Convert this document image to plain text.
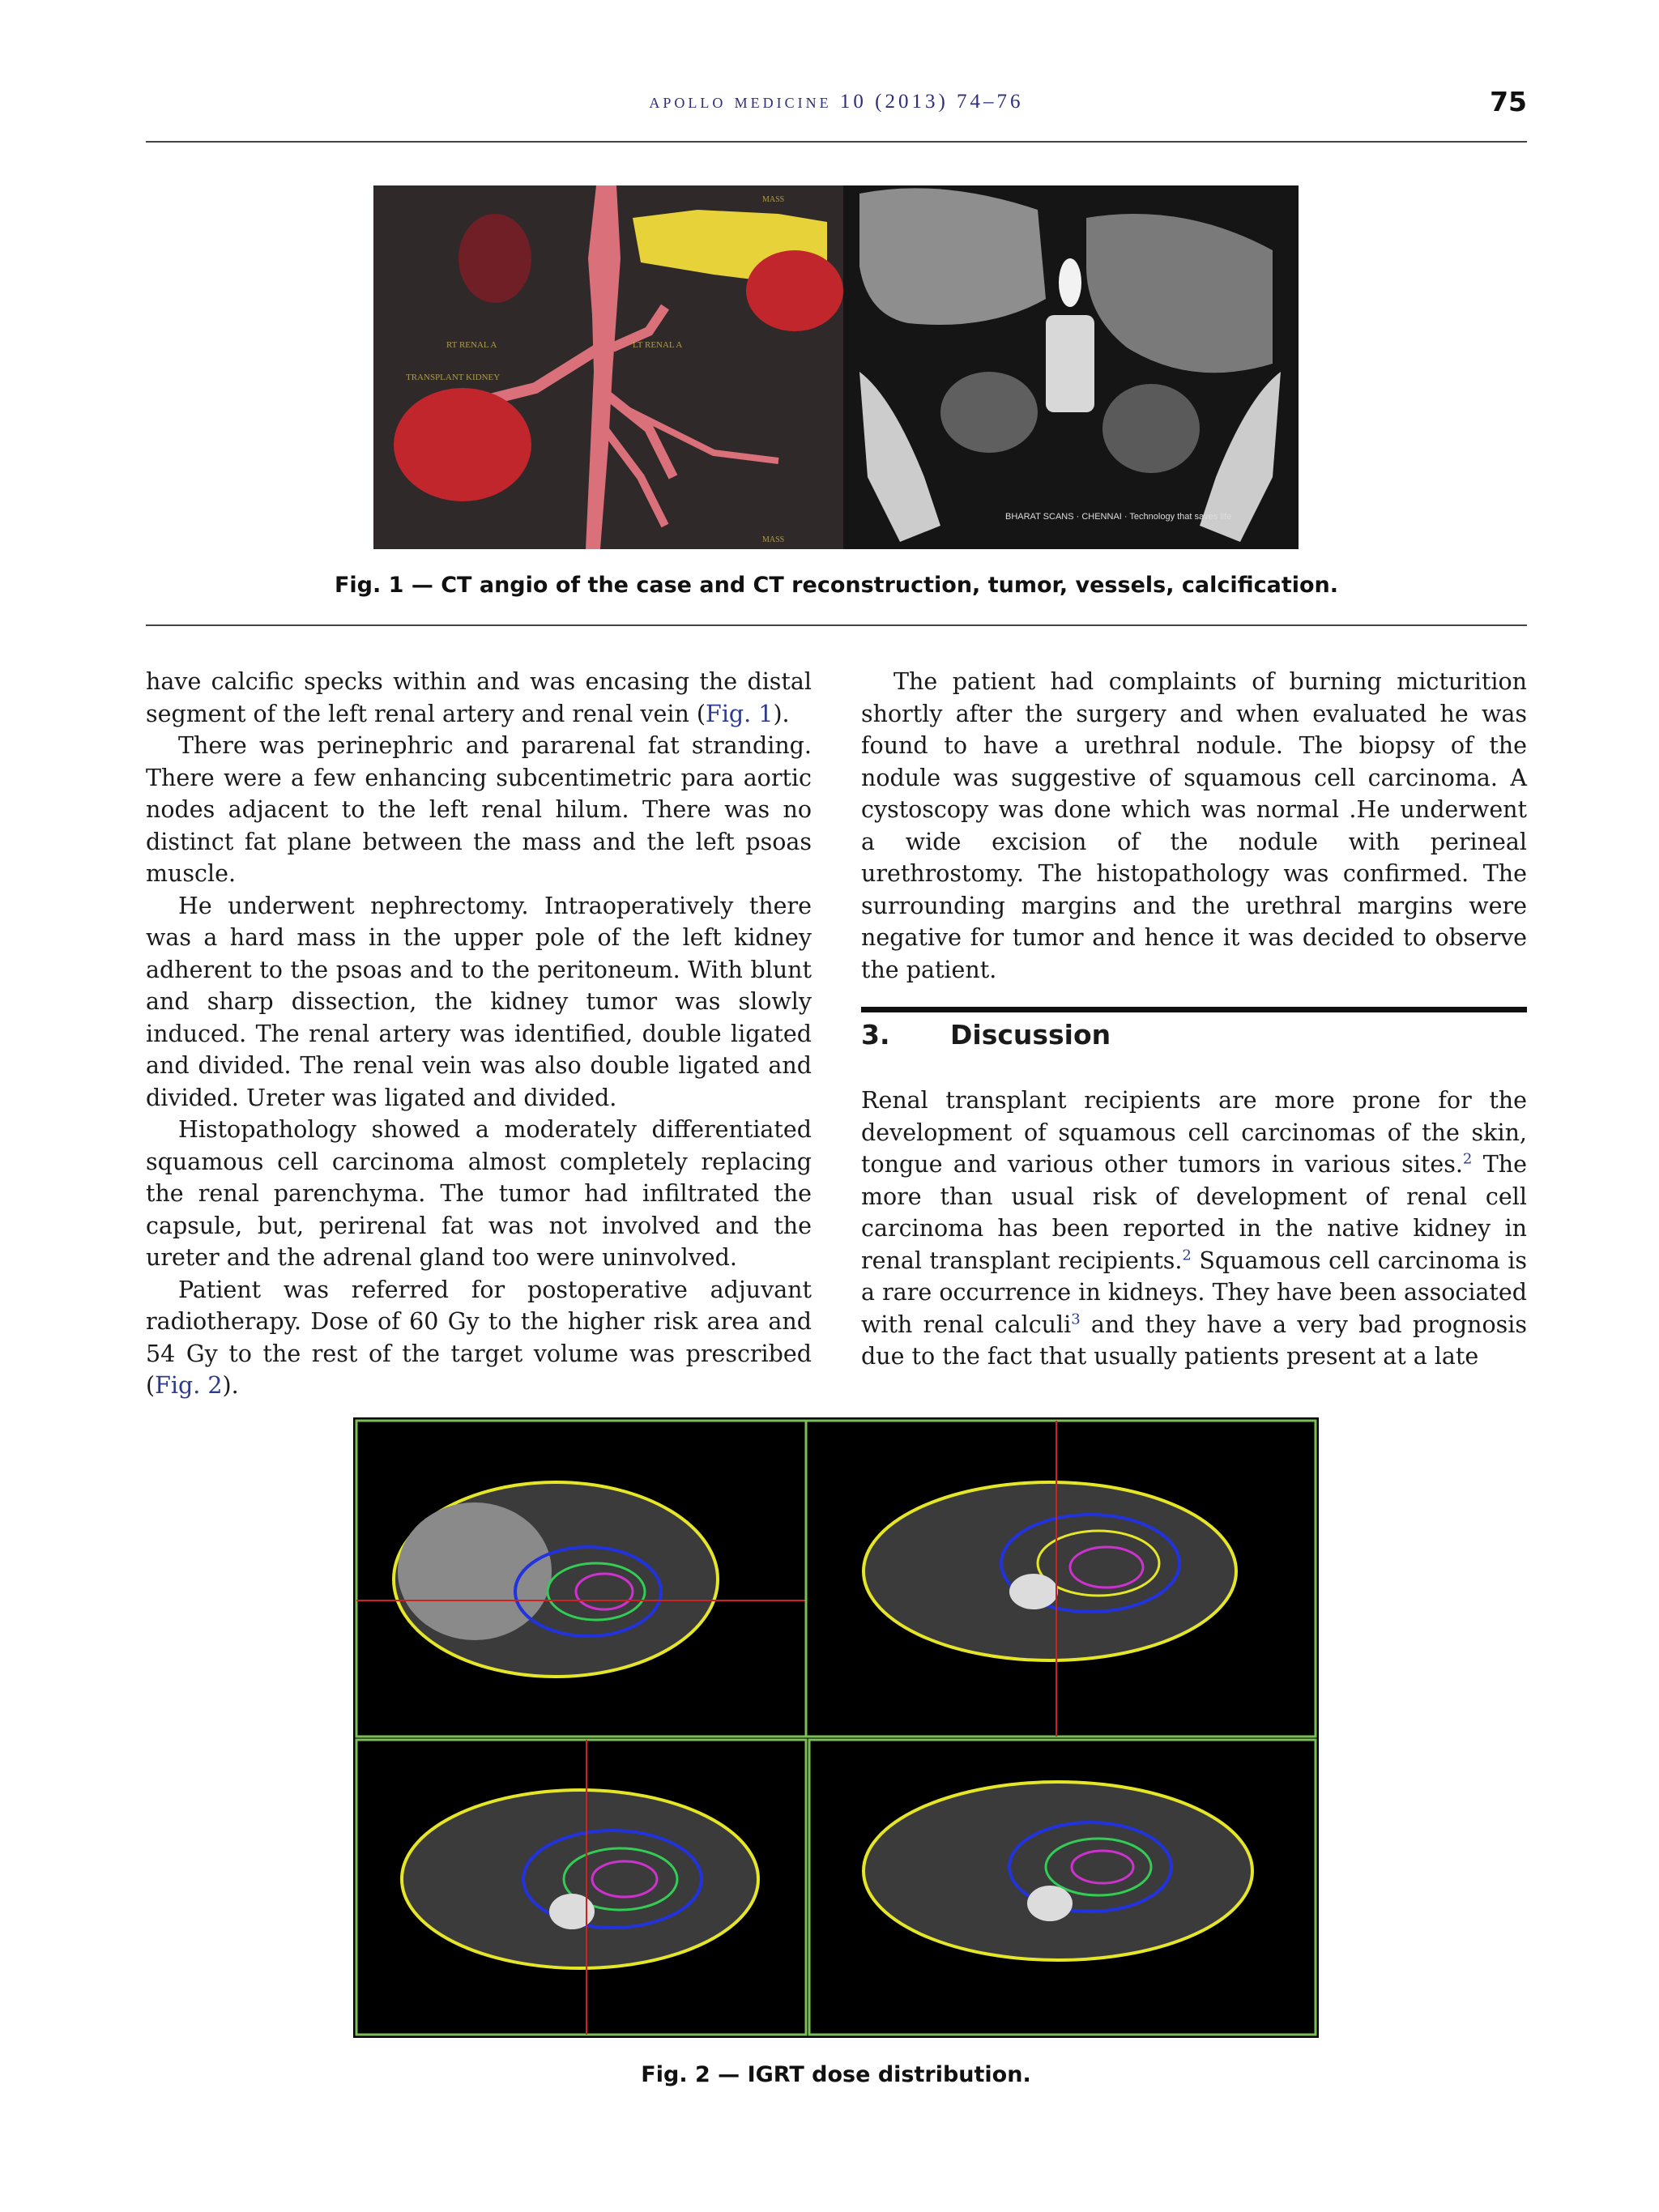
apollo medicine 10 (2013) 74–76	75
RT RENAL A	LT RENAL A
TRANSPLANT KIDNEY
MASS
MASS
BHARAT SCANS · CHENNAI · Technology that saves life
Fig. 1 — CT angio of the case and CT reconstruction, tumor, vessels, calcification.

have calcific specks within and was encasing the distal segment of the left renal artery and renal vein (Fig. 1).

There was perinephric and pararenal fat stranding. There were a few enhancing subcentimetric para aortic nodes adjacent to the left renal hilum. There was no distinct fat plane between the mass and the left psoas muscle.

He underwent nephrectomy. Intraoperatively there was a hard mass in the upper pole of the left kidney adherent to the psoas and to the peritoneum. With blunt and sharp dissection, the kidney tumor was slowly induced. The renal artery was identified, double ligated and divided. The renal vein was also double ligated and divided. Ureter was ligated and divided.

Histopathology showed a moderately differentiated squamous cell carcinoma almost completely replacing the renal parenchyma. The tumor had infiltrated the capsule, but, perirenal fat was not involved and the ureter and the adrenal gland too were uninvolved.

Patient was referred for postoperative adjuvant radiotherapy. Dose of 60 Gy to the higher risk area and 54 Gy to the rest of the target volume was prescribed (Fig. 2).

The patient had complaints of burning micturition shortly after the surgery and when evaluated he was found to have a urethral nodule. The biopsy of the nodule was suggestive of squamous cell carcinoma. A cystoscopy was done which was normal .He underwent a wide excision of the nodule with perineal urethrostomy. The histopathology was confirmed. The surrounding margins and the urethral margins were negative for tumor and hence it was decided to observe the patient.

3. Discussion

Renal transplant recipients are more prone for the development of squamous cell carcinomas of the skin, tongue and various other tumors in various sites.$^2$ The more than usual risk of development of renal cell carcinoma has been reported in the native kidney in renal transplant recipients.$^2$ Squamous cell carcinoma is a rare occurrence in kidneys. They have been associated with renal calculi$^3$ and they have a very bad prognosis due to the fact that usually patients present at a late

Fig. 2 — IGRT dose distribution.
